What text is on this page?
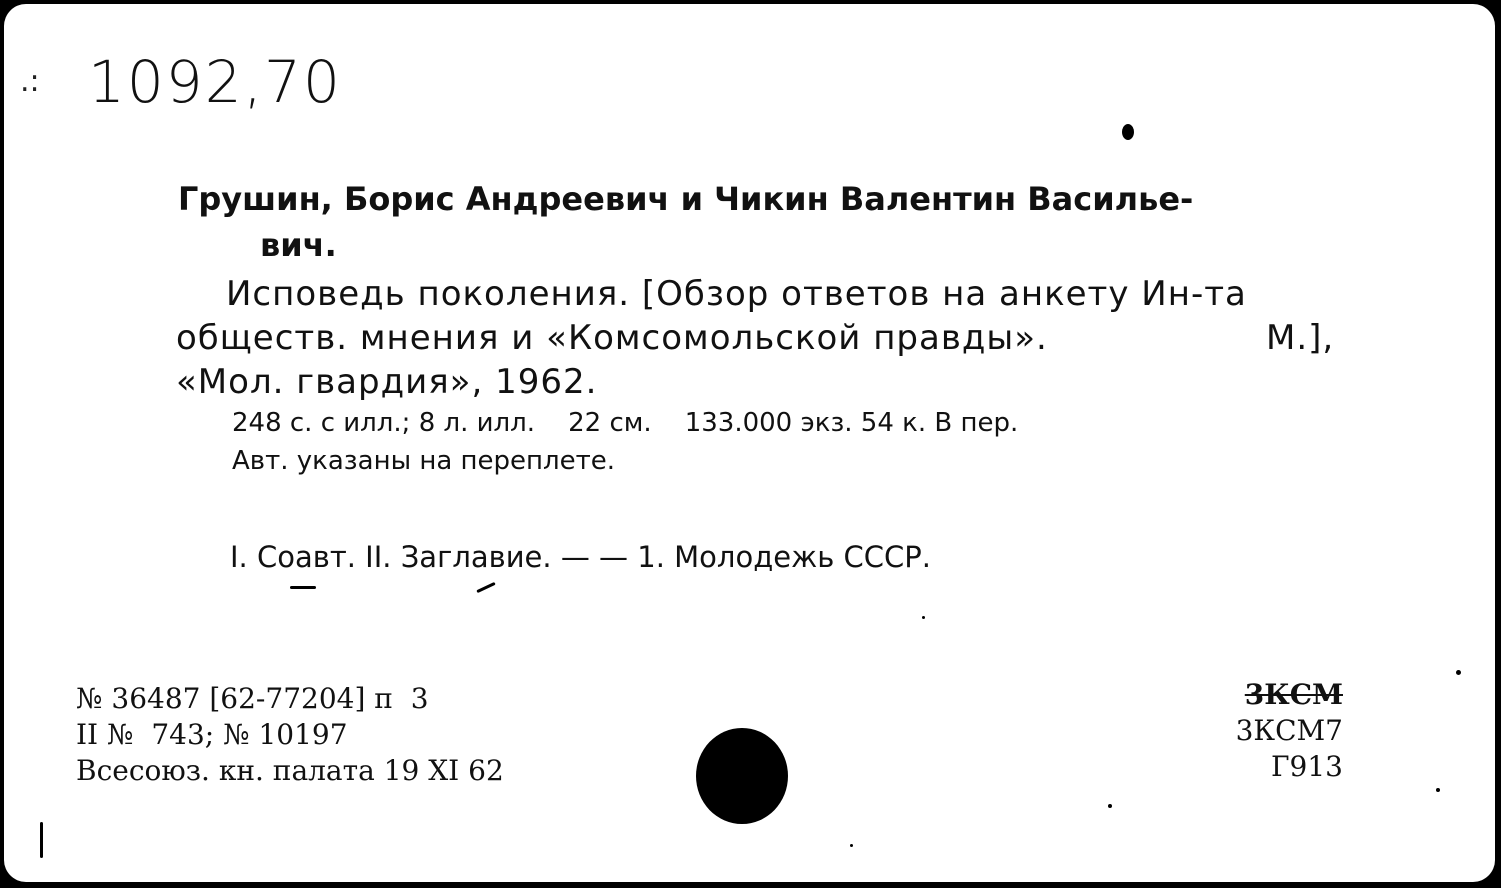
.: 1092,70
Грушин, Борис Андреевич и Чикин Валентин Василье-
вич.
Исповедь поколения. [Обзор ответов на анкету Ин-та
обществ. мнения и «Комсомольской правды».	М.],
«Мол. гвардия», 1962.
248 с. с илл.; 8 л. илл.    22 см.    133.000 экз. 54 к. В пер.
Авт. указаны на переплете.
I. Соавт. II. Заглавие. — — 1. Молодежь СССР.
№ 36487 [62-77204] п  3
II №  743; № 10197
Всесоюз. кн. палата 19 XI 62
3КСМ
3КСМ7
Г913
